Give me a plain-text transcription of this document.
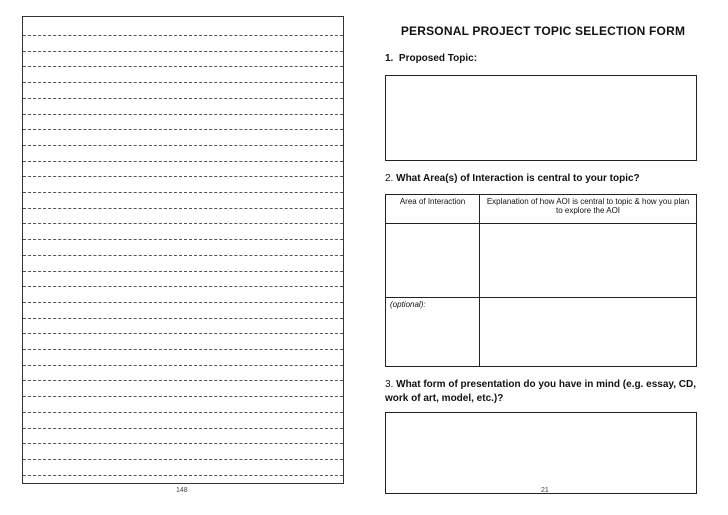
148
PERSONAL PROJECT TOPIC SELECTION FORM
1. Proposed Topic:
2. What Area(s) of Interaction is central to your topic?
Area of Interaction	Explanation of how AOI is central to topic & how you plan to explore the AOI

(optional):	
3. What form of presentation do you have in mind (e.g. essay, CD, work of art, model, etc.)?
21
